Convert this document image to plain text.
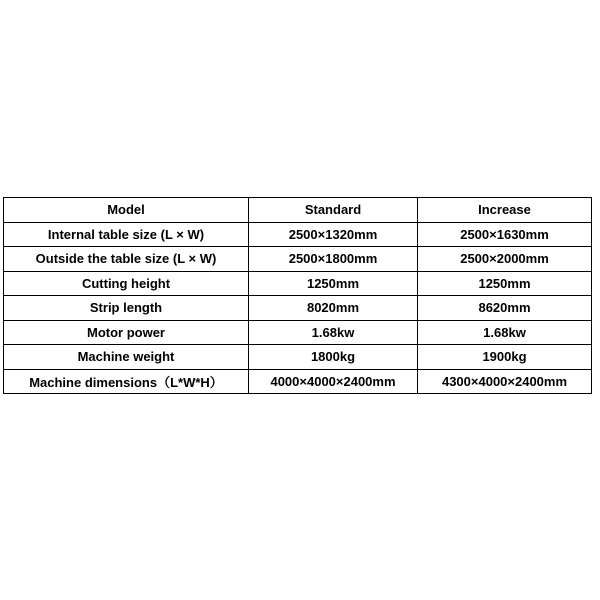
Model	Standard	Increase
Internal table size (L × W)	2500×1320mm	2500×1630mm
Outside the table size (L × W)	2500×1800mm	2500×2000mm
Cutting height	1250mm	1250mm
Strip length	8020mm	8620mm
Motor power	1.68kw	1.68kw
Machine weight	1800kg	1900kg
Machine dimensions（L*W*H）	4000×4000×2400mm	4300×4000×2400mm
